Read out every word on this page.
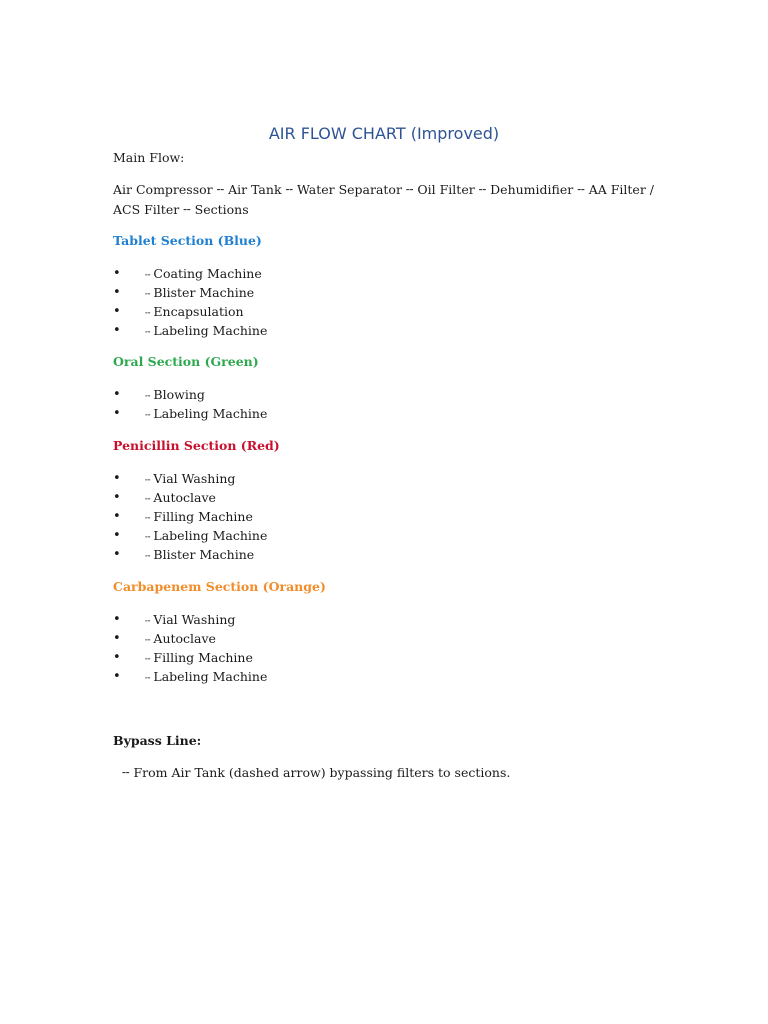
AIR FLOW CHART (Improved)
Main Flow:
Air Compressor ╌ Air Tank ╌ Water Separator ╌ Oil Filter ╌ Dehumidifier ╌ AA Filter /
ACS Filter ╌ Sections
Tablet Section (Blue)
•	╌ Coating Machine
•	╌ Blister Machine
•	╌ Encapsulation
•	╌ Labeling Machine
Oral Section (Green)
•	╌ Blowing
•	╌ Labeling Machine
Penicillin Section (Red)
•	╌ Vial Washing
•	╌ Autoclave
•	╌ Filling Machine
•	╌ Labeling Machine
•	╌ Blister Machine
Carbapenem Section (Orange)
•	╌ Vial Washing
•	╌ Autoclave
•	╌ Filling Machine
•	╌ Labeling Machine
Bypass Line:
╌ From Air Tank (dashed arrow) bypassing filters to sections.
